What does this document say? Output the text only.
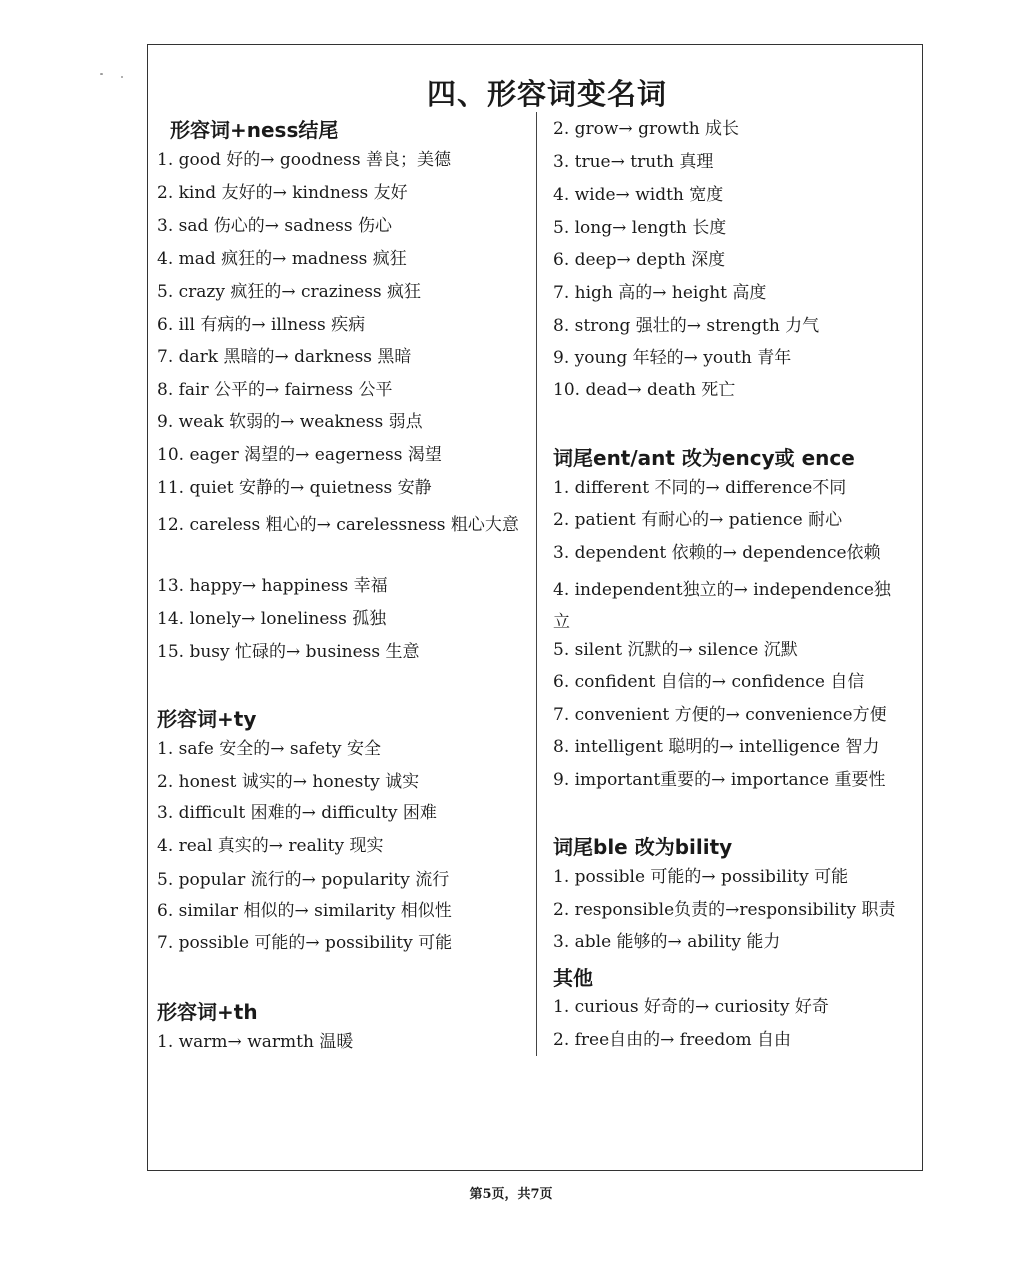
四、形容词变名词
形容词+ness结尾
1. good 好的→ goodness 善良；美德
2. kind 友好的→ kindness 友好
3. sad 伤心的→ sadness 伤心
4. mad 疯狂的→ madness 疯狂
5. crazy 疯狂的→ craziness 疯狂
6. ill 有病的→ illness 疾病
7. dark 黑暗的→ darkness 黑暗
8. fair 公平的→ fairness 公平
9. weak 软弱的→ weakness 弱点
10. eager 渴望的→ eagerness 渴望
11. quiet 安静的→ quietness 安静
12. careless 粗心的→ carelessness 粗心大意
13. happy→ happiness 幸福
14. lonely→ loneliness 孤独
15. busy 忙碌的→ business 生意
形容词+ty
1. safe 安全的→ safety 安全
2. honest 诚实的→ honesty 诚实
3. difficult 困难的→ difficulty 困难
4. real 真实的→ reality 现实
5. popular 流行的→ popularity 流行
6. similar 相似的→ similarity 相似性
7. possible 可能的→ possibility 可能
形容词+th
1. warm→ warmth 温暖
2. grow→ growth 成长
3. true→ truth 真理
4. wide→ width 宽度
5. long→ length 长度
6. deep→ depth 深度
7. high 高的→ height 高度
8. strong 强壮的→ strength 力气
9. young 年轻的→ youth 青年
10. dead→ death 死亡
词尾ent/ant 改为ency或 ence
1. different 不同的→ difference不同
2. patient 有耐心的→ patience 耐心
3. dependent 依赖的→ dependence依赖
4. independent独立的→ independence独立
5. silent 沉默的→ silence 沉默
6. confident 自信的→ confidence 自信
7. convenient 方便的→ convenience方便
8. intelligent 聪明的→ intelligence 智力
9. important重要的→ importance 重要性
词尾ble 改为bility
1. possible 可能的→ possibility 可能
2. responsible负责的→responsibility 职责
3. able 能够的→ ability 能力
其他
1. curious 好奇的→ curiosity 好奇
2. free自由的→ freedom 自由
第5页，共7页
